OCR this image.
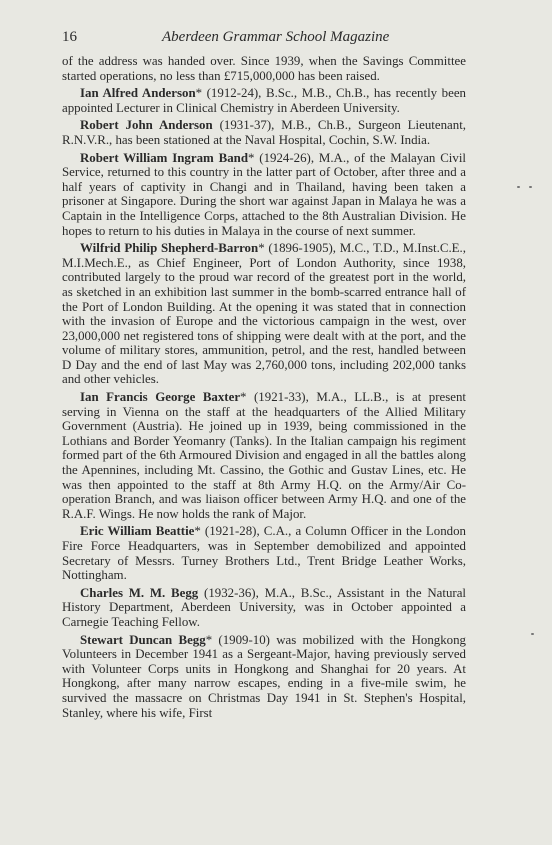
16	Aberdeen Grammar School Magazine

of the address was handed over. Since 1939, when the Savings Committee started operations, no less than £715,000,000 has been raised.

Ian Alfred Anderson* (1912-24), B.Sc., M.B., Ch.B., has recently been appointed Lecturer in Clinical Chemistry in Aberdeen University.

Robert John Anderson (1931-37), M.B., Ch.B., Surgeon Lieutenant, R.N.V.R., has been stationed at the Naval Hospital, Cochin, S.W. India.

Robert William Ingram Band* (1924-26), M.A., of the Malayan Civil Service, returned to this country in the latter part of October, after three and a half years of captivity in Changi and in Thailand, having been taken a prisoner at Singapore. During the short war against Japan in Malaya he was a Captain in the Intelligence Corps, attached to the 8th Australian Division. He hopes to return to his duties in Malaya in the course of next summer.

Wilfrid Philip Shepherd-Barron* (1896-1905), M.C., T.D., M.Inst.C.E., M.I.Mech.E., as Chief Engineer, Port of London Authority, since 1938, contributed largely to the proud war record of the greatest port in the world, as sketched in an exhibition last summer in the bomb-scarred entrance hall of the Port of London Building. At the opening it was stated that in connection with the invasion of Europe and the victorious campaign in the west, over 23,000,000 net registered tons of shipping were dealt with at the port, and the volume of military stores, ammunition, petrol, and the rest, handled between D Day and the end of last May was 2,760,000 tons, including 202,000 tanks and other vehicles.

Ian Francis George Baxter* (1921-33), M.A., LL.B., is at present serving in Vienna on the staff at the headquarters of the Allied Military Government (Austria). He joined up in 1939, being commissioned in the Lothians and Border Yeomanry (Tanks). In the Italian campaign his regiment formed part of the 6th Armoured Division and engaged in all the battles along the Apennines, including Mt. Cassino, the Gothic and Gustav Lines, etc. He was then appointed to the staff at 8th Army H.Q. on the Army/Air Co-operation Branch, and was liaison officer between Army H.Q. and one of the R.A.F. Wings. He now holds the rank of Major.

Eric William Beattie* (1921-28), C.A., a Column Officer in the London Fire Force Headquarters, was in September demobilized and appointed Secretary of Messrs. Turney Brothers Ltd., Trent Bridge Leather Works, Nottingham.

Charles M. M. Begg (1932-36), M.A., B.Sc., Assistant in the Natural History Department, Aberdeen University, was in October appointed a Carnegie Teaching Fellow.

Stewart Duncan Begg* (1909-10) was mobilized with the Hongkong Volunteers in December 1941 as a Sergeant-Major, having previously served with Volunteer Corps units in Hongkong and Shanghai for 20 years. At Hongkong, after many narrow escapes, ending in a five-mile swim, he survived the massacre on Christmas Day 1941 in St. Stephen's Hospital, Stanley, where his wife, First
